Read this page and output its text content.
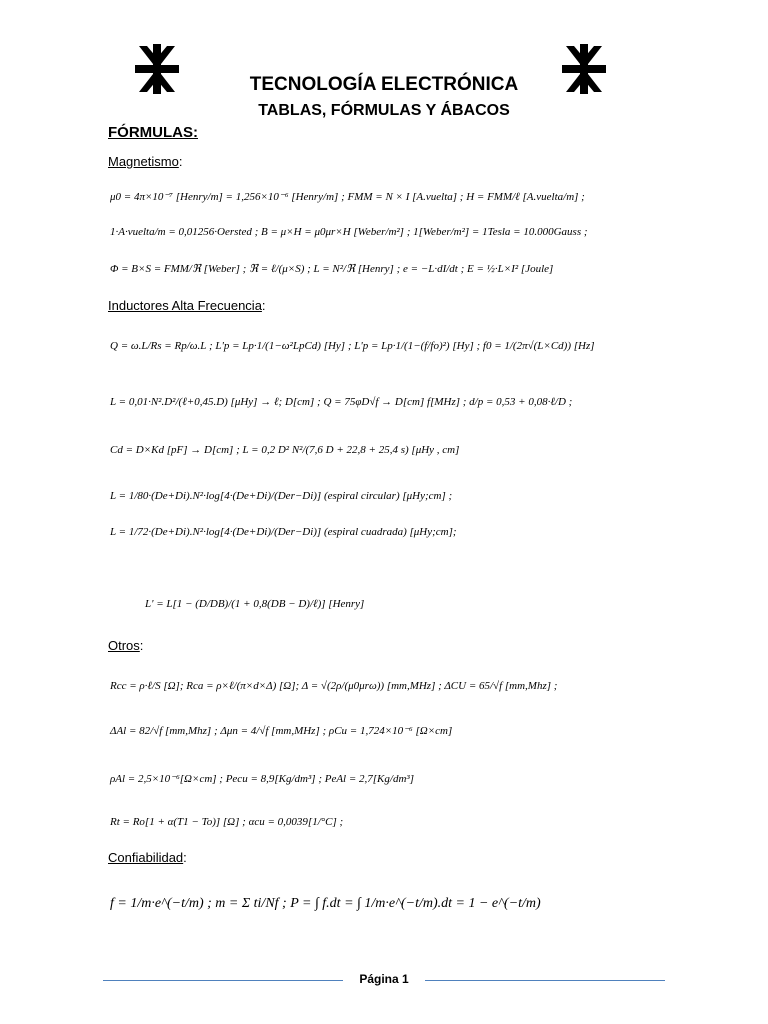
TECNOLOGÍA ELECTRÓNICA
TABLAS, FÓRMULAS Y ÁBACOS
FÓRMULAS:
Magnetismo:
μ0 = 4π×10⁻⁷ [Henry/m] = 1,256×10⁻⁶ [Henry/m] ; FMM = N × I [A.vuelta] ; H = FMM/ℓ [A.vuelta/m] ;
1·A·vuelta/m = 0,01256·Oersted ; B = μ×H = μ0μr×H [Weber/m²] ; 1[Weber/m²] = 1Tesla = 10.000Gauss ;
Φ = B×S = FMM/ℜ [Weber] ; ℜ = ℓ/(μ×S) ; L = N²/ℜ [Henry] ; e = −L·dI/dt ; E = ½·L×I² [Joule]
Inductores Alta Frecuencia:
Q = ω.L/Rs = Rp/ω.L ; L'p = Lp·1/(1−ω²LpCd) [Hy] ; L'p = Lp·1/(1−(f/fo)²) [Hy] ; f0 = 1/(2π√(L×Cd)) [Hz]
L = 0,01·N².D²/(ℓ+0,45.D) [μHy] → ℓ; D[cm] ; Q = 75φD√f → D[cm] f[MHz] ; d/p = 0,53 + 0,08·ℓ/D ;
Cd = D×Kd [pF] → D[cm] ; L = 0,2 D² N²/(7,6 D + 22,8 + 25,4 s) [μHy , cm]
L = 1/80·(De+Di).N²·log[4·(De+Di)/(Der−Di)] (espiral circular) [μHy;cm] ;
L = 1/72·(De+Di).N²·log[4·(De+Di)/(Der−Di)] (espiral cuadrada) [μHy;cm];
L' = L[1 − (D/DB)/(1 + 0,8(DB − D)/ℓ)] [Henry]
Otros:
Rcc = ρ·ℓ/S [Ω]; Rca = ρ×ℓ/(π×d×Δ) [Ω]; Δ = √(2ρ/(μ0μrω)) [mm,MHz] ; ΔCU = 65/√f [mm,Mhz] ;
ΔAl = 82/√f [mm,Mhz] ; Δμn = 4/√f [mm,MHz] ; ρCu = 1,724×10⁻⁶ [Ω×cm]
ρAl = 2,5×10⁻⁶[Ω×cm] ; Pecu = 8,9[Kg/dm³] ; PeAl = 2,7[Kg/dm³]
Rt = Ro[1 + α(T1 − To)] [Ω] ; αcu = 0,0039[1/°C] ;
Confiabilidad:
f = 1/m·e^(−t/m) ; m = Σ ti/Nf ; P = ∫ f.dt = ∫ 1/m·e^(−t/m).dt = 1 − e^(−t/m)
Página 1
